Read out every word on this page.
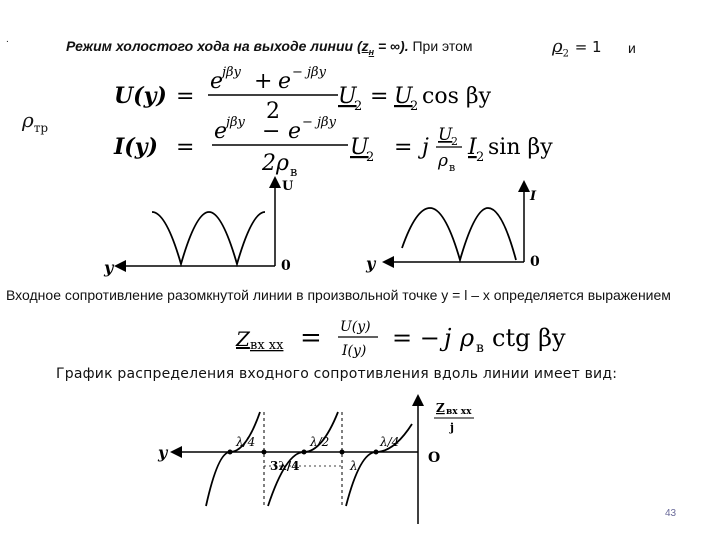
.	Режим холостого хода на выходе линии ($z_н$ = ∞). При этом	$\rho_2 = 1$ и
$\rho_{тр}$
U(y) =
e
jβy + e − jβy
2
U
2 = U
2 cos βy
I(y) =
e
jβy − e − jβy
2ρ в
U
2 = j U
2
ρ в
I 2 sin βy
y
U
0	y
I
0
Z вх хх = U(y)
I(y) = − j ρ в ctg βy
λ/4	λ/2
3λ/4	λ
λ/4
y	O
Z вх хх
j
Входное сопротивление разомкнутой линии в произвольной точке y = l – x определяется выражением
График распределения входного сопротивления вдоль линии имеет вид:
43
